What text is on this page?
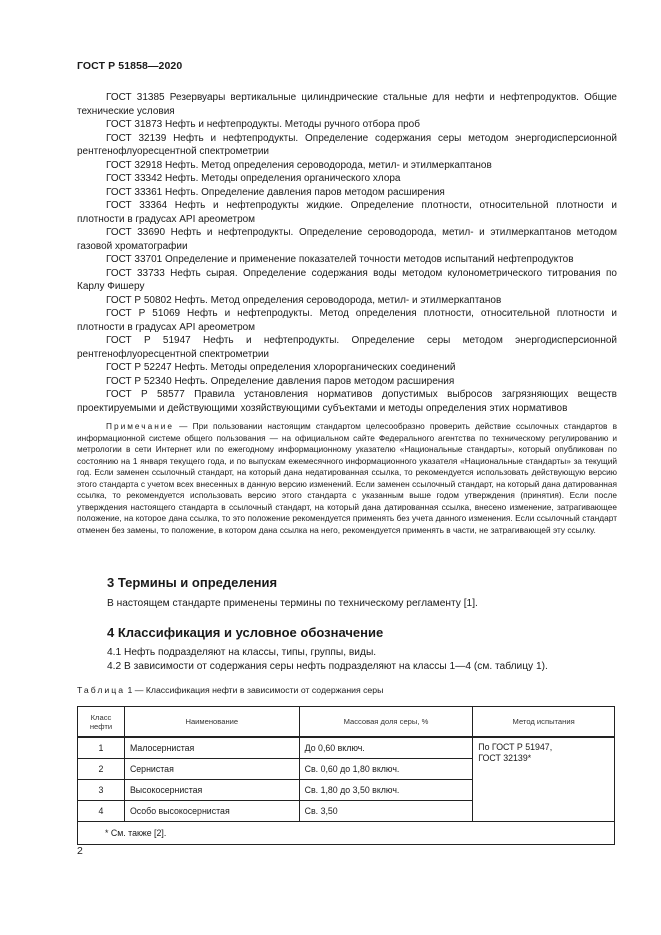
ГОСТ Р 51858—2020

ГОСТ 31385 Резервуары вертикальные цилиндрические стальные для нефти и нефтепродуктов. Общие технические условия

ГОСТ 31873 Нефть и нефтепродукты. Методы ручного отбора проб

ГОСТ 32139 Нефть и нефтепродукты. Определение содержания серы методом энергодисперсионной рентгенофлуоресцентной спектрометрии

ГОСТ 32918 Нефть. Метод определения сероводорода, метил- и этилмеркаптанов

ГОСТ 33342 Нефть. Методы определения органического хлора

ГОСТ 33361 Нефть. Определение давления паров методом расширения

ГОСТ 33364 Нефть и нефтепродукты жидкие. Определение плотности, относительной плотности и плотности в градусах API ареометром

ГОСТ 33690 Нефть и нефтепродукты. Определение сероводорода, метил- и этилмеркаптанов методом газовой хроматографии

ГОСТ 33701 Определение и применение показателей точности методов испытаний нефтепродуктов

ГОСТ 33733 Нефть сырая. Определение содержания воды методом кулонометрического титрования по Карлу Фишеру

ГОСТ Р 50802 Нефть. Метод определения сероводорода, метил- и этилмеркаптанов

ГОСТ Р 51069 Нефть и нефтепродукты. Метод определения плотности, относительной плотности и плотности в градусах API ареометром

ГОСТ Р 51947 Нефть и нефтепродукты. Определение серы методом энергодисперсионной рентгенофлуоресцентной спектрометрии

ГОСТ Р 52247 Нефть. Методы определения хлорорганических соединений

ГОСТ Р 52340 Нефть. Определение давления паров методом расширения

ГОСТ Р 58577 Правила установления нормативов допустимых выбросов загрязняющих веществ проектируемыми и действующими хозяйствующими субъектами и методы определения этих нормативов

Примечание — При пользовании настоящим стандартом целесообразно проверить действие ссылочных стандартов в информационной системе общего пользования — на официальном сайте Федерального агентства по техническому регулированию и метрологии в сети Интернет или по ежегодному информационному указателю «Национальные стандарты», который опубликован по состоянию на 1 января текущего года, и по выпускам ежемесячного информационного указателя «Национальные стандарты» за текущий год. Если заменен ссылочный стандарт, на который дана недатированная ссылка, то рекомендуется использовать действующую версию этого стандарта с учетом всех внесенных в данную версию изменений. Если заменен ссылочный стандарт, на который дана датированная ссылка, то рекомендуется использовать версию этого стандарта с указанным выше годом утверждения (принятия). Если после утверждения настоящего стандарта в ссылочный стандарт, на который дана датированная ссылка, внесено изменение, затрагивающее положение, на которое дана ссылка, то это положение рекомендуется применять без учета данного изменения. Если ссылочный стандарт отменен без замены, то положение, в котором дана ссылка на него, рекомендуется применять в части, не затрагивающей эту ссылку.

3 Термины и определения

В настоящем стандарте применены термины по техническому регламенту [1].

4 Классификация и условное обозначение

4.1 Нефть подразделяют на классы, типы, группы, виды.

4.2 В зависимости от содержания серы нефть подразделяют на классы 1—4 (см. таблицу 1).

Таблица 1 — Классификация нефти в зависимости от содержания серы
Класс нефти	Наименование	Массовая доля серы, %	Метод испытания
1	Малосернистая	До 0,60 включ.	По ГОСТ Р 51947,
ГОСТ 32139*

2	Сернистая	Св. 0,60 до 1,80 включ.	
3	Высокосернистая	Св. 1,80 до 3,50 включ.	
4	Особо высокосернистая	Св. 3,50	
* См. также [2].			
2
